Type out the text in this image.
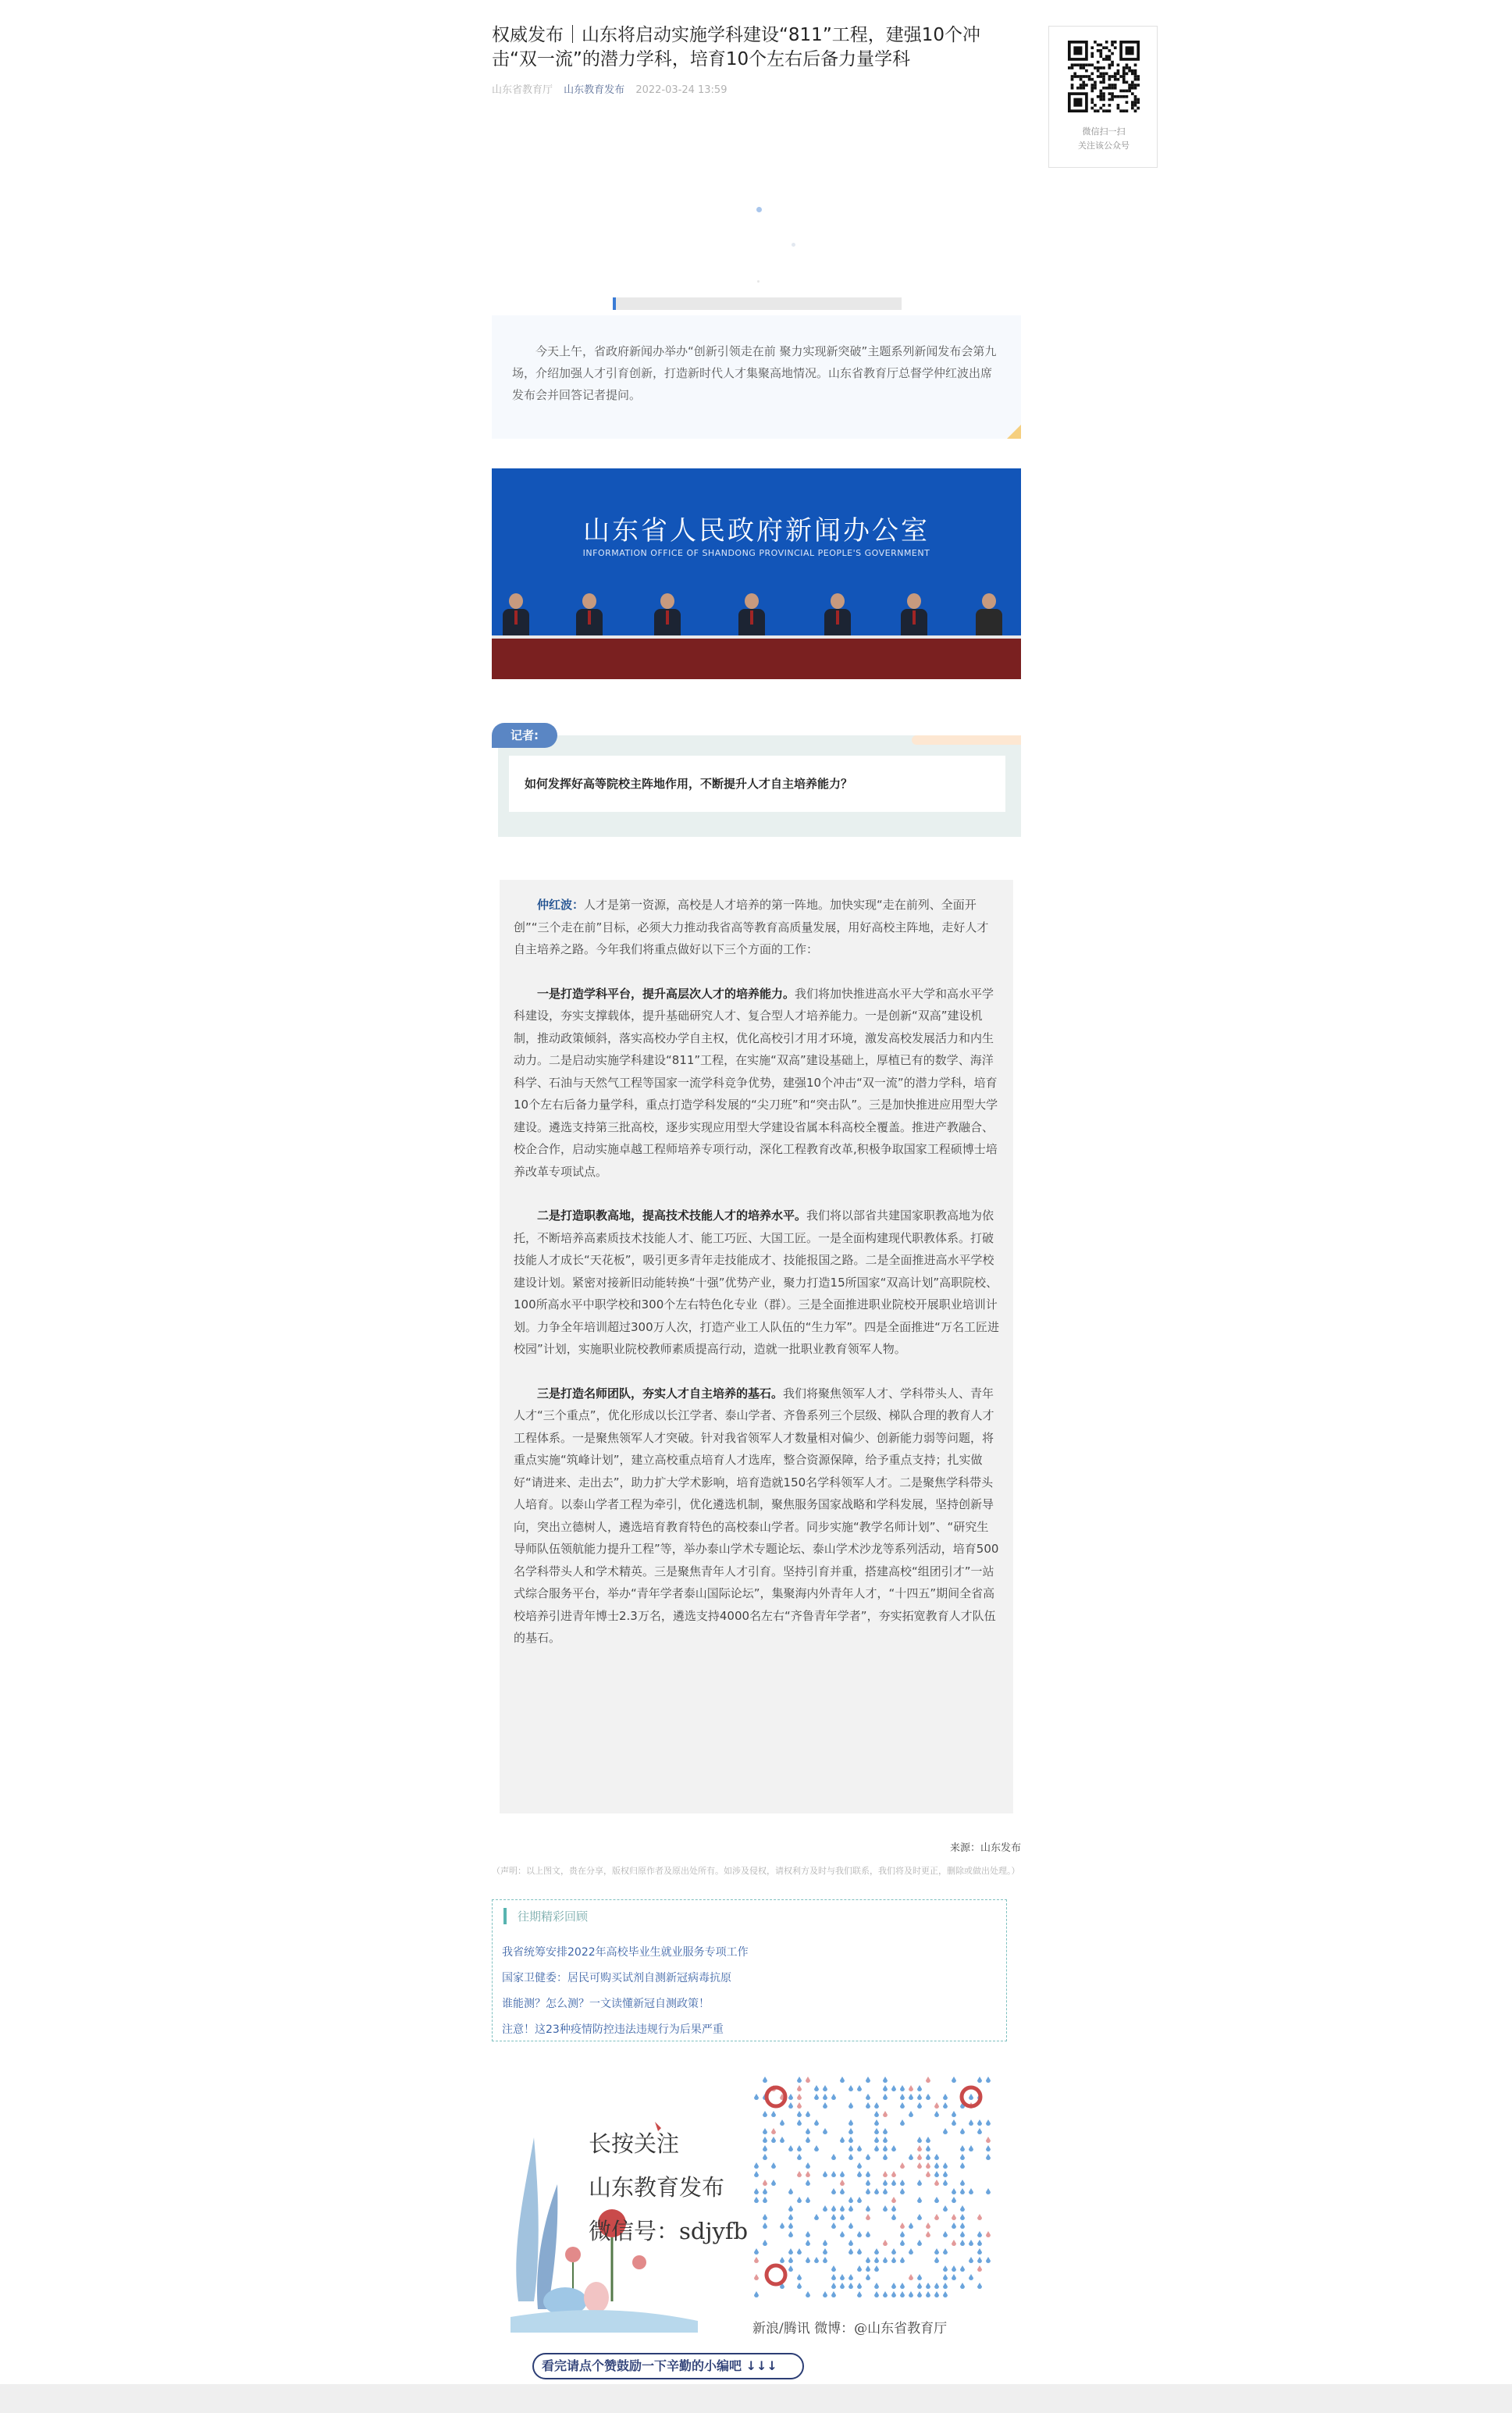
权威发布｜山东将启动实施学科建设“811”工程，建强10个冲击“双一流”的潜力学科，培育10个左右后备力量学科
山东省教育厅 山东教育发布 2022-03-24 13:59

今天上午，省政府新闻办举办“创新引领走在前 聚力实现新突破”主题系列新闻发布会第九场，介绍加强人才引育创新，打造新时代人才集聚高地情况。山东省教育厅总督学仲红波出席发布会并回答记者提问。

山东省人民政府新闻办公室
INFORMATION OFFICE OF SHANDONG PROVINCIAL PEOPLE'S GOVERNMENT

如何发挥好高等院校主阵地作用，不断提升人才自主培养能力？

记者:

仲红波：人才是第一资源，高校是人才培养的第一阵地。加快实现“走在前列、全面开创”“三个走在前”目标，必须大力推动我省高等教育高质量发展，用好高校主阵地，走好人才自主培养之路。今年我们将重点做好以下三个方面的工作：

一是打造学科平台，提升高层次人才的培养能力。我们将加快推进高水平大学和高水平学科建设，夯实支撑载体，提升基础研究人才、复合型人才培养能力。一是创新“双高”建设机制，推动政策倾斜，落实高校办学自主权，优化高校引才用才环境，激发高校发展活力和内生动力。二是启动实施学科建设“811”工程，在实施“双高”建设基础上，厚植已有的数学、海洋科学、石油与天然气工程等国家一流学科竞争优势，建强10个冲击“双一流”的潜力学科，培育10个左右后备力量学科，重点打造学科发展的“尖刀班”和“突击队”。三是加快推进应用型大学建设。遴选支持第三批高校，逐步实现应用型大学建设省属本科高校全覆盖。推进产教融合、校企合作，启动实施卓越工程师培养专项行动，深化工程教育改革,积极争取国家工程硕博士培养改革专项试点。

二是打造职教高地，提高技术技能人才的培养水平。我们将以部省共建国家职教高地为依托，不断培养高素质技术技能人才、能工巧匠、大国工匠。一是全面构建现代职教体系。打破技能人才成长“天花板”，吸引更多青年走技能成才、技能报国之路。二是全面推进高水平学校建设计划。紧密对接新旧动能转换“十强”优势产业，聚力打造15所国家“双高计划”高职院校、100所高水平中职学校和300个左右特色化专业（群）。三是全面推进职业院校开展职业培训计划。力争全年培训超过300万人次，打造产业工人队伍的“生力军”。四是全面推进“万名工匠进校园”计划，实施职业院校教师素质提高行动，造就一批职业教育领军人物。

三是打造名师团队，夯实人才自主培养的基石。我们将聚焦领军人才、学科带头人、青年人才“三个重点”，优化形成以长江学者、泰山学者、齐鲁系列三个层级、梯队合理的教育人才工程体系。一是聚焦领军人才突破。针对我省领军人才数量相对偏少、创新能力弱等问题，将重点实施“筑峰计划”，建立高校重点培育人才选库，整合资源保障，给予重点支持；扎实做好“请进来、走出去”，助力扩大学术影响，培育造就150名学科领军人才。二是聚焦学科带头人培育。以泰山学者工程为牵引，优化遴选机制，聚焦服务国家战略和学科发展，坚持创新导向，突出立德树人，遴选培育教育特色的高校泰山学者。同步实施“教学名师计划”、“研究生导师队伍领航能力提升工程”等，举办泰山学术专题论坛、泰山学术沙龙等系列活动，培育500名学科带头人和学术精英。三是聚焦青年人才引育。坚持引育并重，搭建高校“组团引才”一站式综合服务平台，举办“青年学者泰山国际论坛”，集聚海内外青年人才，“十四五”期间全省高校培养引进青年博士2.3万名，遴选支持4000名左右“齐鲁青年学者”，夯实拓宽教育人才队伍的基石。

来源：山东发布
（声明：以上图文，贵在分享，版权归原作者及原出处所有。如涉及侵权，请权利方及时与我们联系，我们将及时更正，删除或做出处理。）
往期精彩回顾
我省统筹安排2022年高校毕业生就业服务专项工作
国家卫健委：居民可购买试剂自测新冠病毒抗原
谁能测？怎么测？一文读懂新冠自测政策！
注意！这23种疫情防控违法违规行为后果严重
长按关注
山东教育发布
微信号：sdjyfb
新浪/腾讯 微博：@山东省教育厅
看完请点个赞鼓励一下辛勤的小编吧 ↓↓↓
微信扫一扫
关注该公众号
